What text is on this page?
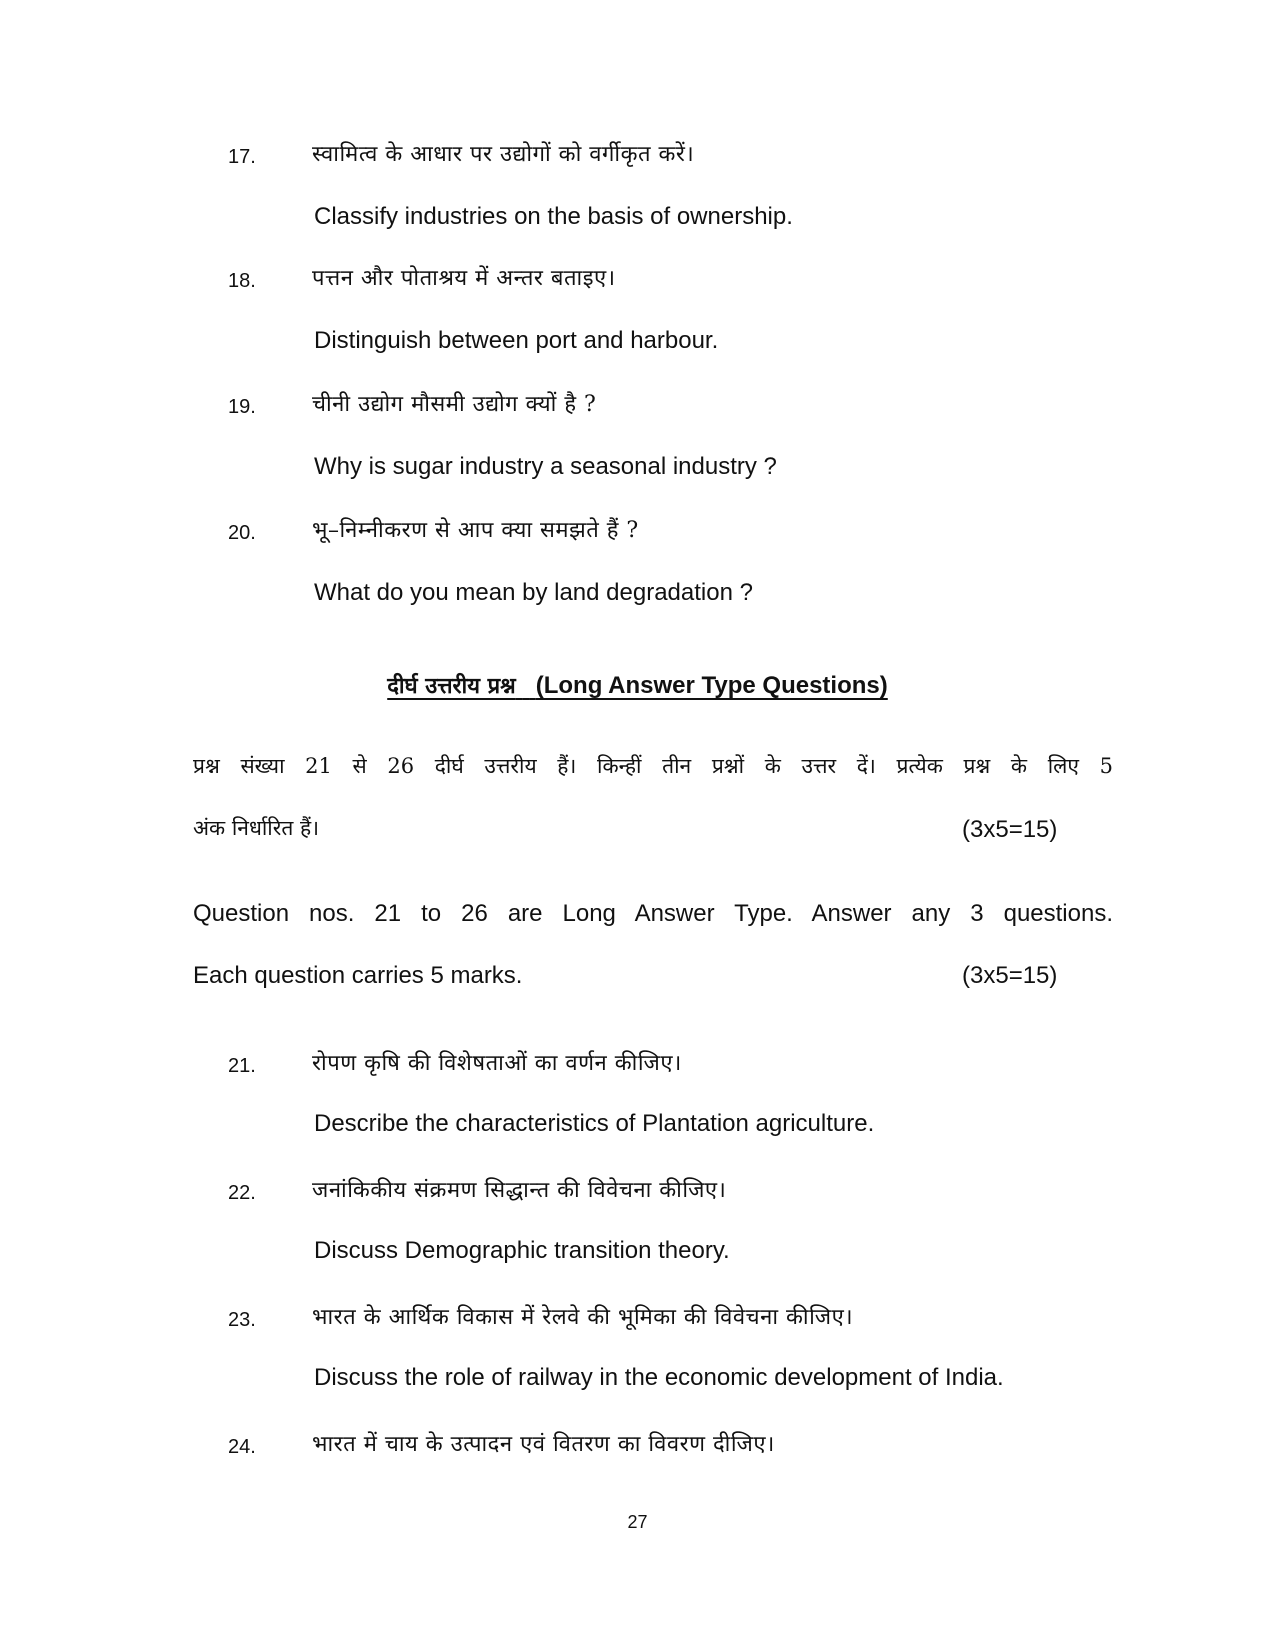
17.	स्वामित्व के आधार पर उद्योगों को वर्गीकृत करें।
Classify industries on the basis of ownership.
18.	पत्तन और पोताश्रय में अन्तर बताइए।
Distinguish between port and harbour.
19.	चीनी उद्योग मौसमी उद्योग क्यों है ?
Why is sugar industry a seasonal industry ?
20.	भू–निम्नीकरण से आप क्या समझते हैं ?
What do you mean by land degradation ?
दीर्घ उत्तरीय प्रश्न (Long Answer Type Questions)
प्रश्न संख्या 21 से 26 दीर्घ उत्तरीय हैं। किन्हीं तीन प्रश्नों के उत्तर दें। प्रत्येक प्रश्न के लिए 5
अंक निर्धारित हैं।	(3x5=15)
Question nos. 21 to 26 are Long Answer Type. Answer any 3 questions.
Each question carries 5 marks.	(3x5=15)
21.	रोपण कृषि की विशेषताओं का वर्णन कीजिए।
Describe the characteristics of Plantation agriculture.
22.	जनांकिकीय संक्रमण सिद्धान्त की विवेचना कीजिए।
Discuss Demographic transition theory.
23.	भारत के आर्थिक विकास में रेलवे की भूमिका की विवेचना कीजिए।
Discuss the role of railway in the economic development of India.
24.	भारत में चाय के उत्पादन एवं वितरण का विवरण दीजिए।
27
